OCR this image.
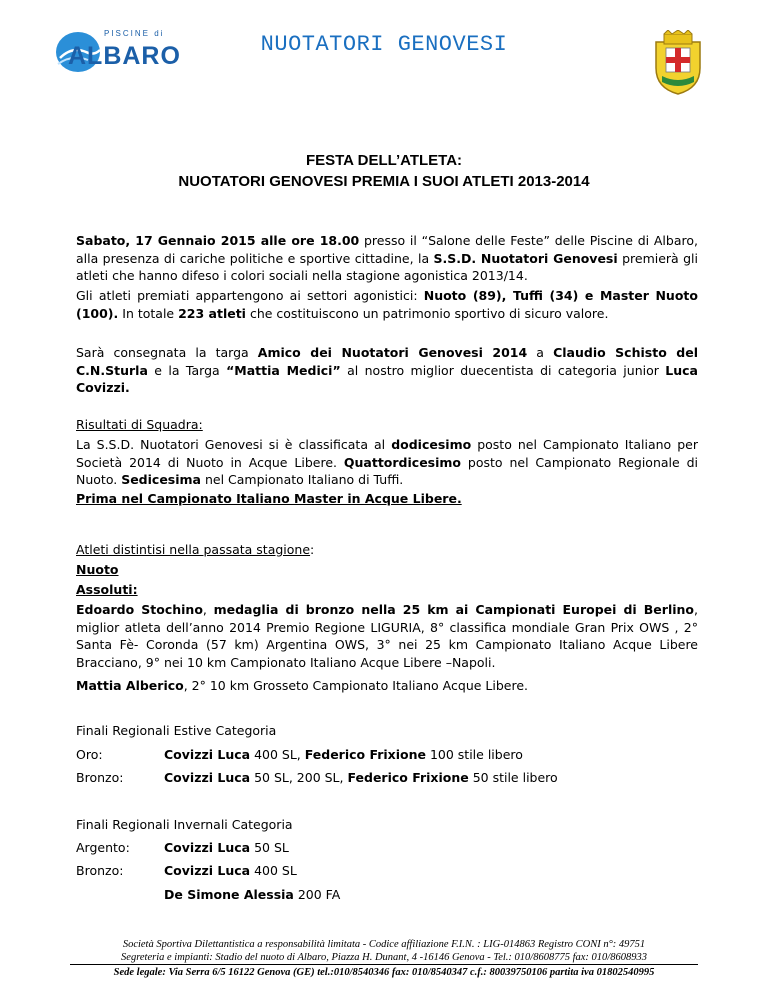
PISCINE di
ALBARO	NUOTATORI GENOVESI
FESTA DELL’ATLETA:
NUOTATORI GENOVESI PREMIA I SUOI ATLETI 2013-2014
Sabato, 17 Gennaio 2015 alle ore 18.00 presso il “Salone delle Feste” delle Piscine di Albaro, alla presenza di cariche politiche e sportive cittadine, la S.S.D. Nuotatori Genovesi premierà gli atleti che hanno difeso i colori sociali nella stagione agonistica 2013/14.
Gli atleti premiati appartengono ai settori agonistici: Nuoto (89), Tuffi (34) e Master Nuoto (100). In totale 223 atleti che costituiscono un patrimonio sportivo di sicuro valore.
Sarà consegnata la targa Amico dei Nuotatori Genovesi 2014 a Claudio Schisto del C.N.Sturla e la Targa “Mattia Medici” al nostro miglior duecentista di categoria junior Luca Covizzi.
Risultati di Squadra:
La S.S.D. Nuotatori Genovesi si è classificata al dodicesimo posto nel Campionato Italiano per Società 2014 di Nuoto in Acque Libere. Quattordicesimo posto nel Campionato Regionale di Nuoto. Sedicesima nel Campionato Italiano di Tuffi.
Prima nel Campionato Italiano Master in Acque Libere.
Atleti distintisi nella passata stagione:
Nuoto
Assoluti:
Edoardo Stochino, medaglia di bronzo nella 25 km ai Campionati Europei di Berlino, miglior atleta dell’anno 2014 Premio Regione LIGURIA, 8° classifica mondiale Gran Prix OWS , 2° Santa Fè- Coronda (57 km) Argentina OWS, 3° nei 25 km Campionato Italiano Acque Libere Bracciano, 9° nei 10 km Campionato Italiano Acque Libere –Napoli.
Mattia Alberico, 2° 10 km Grosseto Campionato Italiano Acque Libere.
Finali Regionali Estive Categoria
Oro:	Covizzi Luca 400 SL, Federico Frixione 100 stile libero
Bronzo:	Covizzi Luca 50 SL, 200 SL, Federico Frixione 50 stile libero
Finali Regionali Invernali Categoria
Argento:	Covizzi Luca 50 SL
Bronzo:	Covizzi Luca 400 SL
De Simone Alessia 200 FA
Società Sportiva Dilettantistica a responsabilità limitata - Codice affiliazione F.I.N. : LIG-014863 Registro CONI n°: 49751
Segreteria e impianti: Stadio del nuoto di Albaro, Piazza H. Dunant, 4 -16146 Genova - Tel.: 010/8608775 fax: 010/8608933
Sede legale: Via Serra 6/5 16122 Genova (GE) tel.:010/8540346 fax: 010/8540347 c.f.: 80039750106 partita iva 01802540995
